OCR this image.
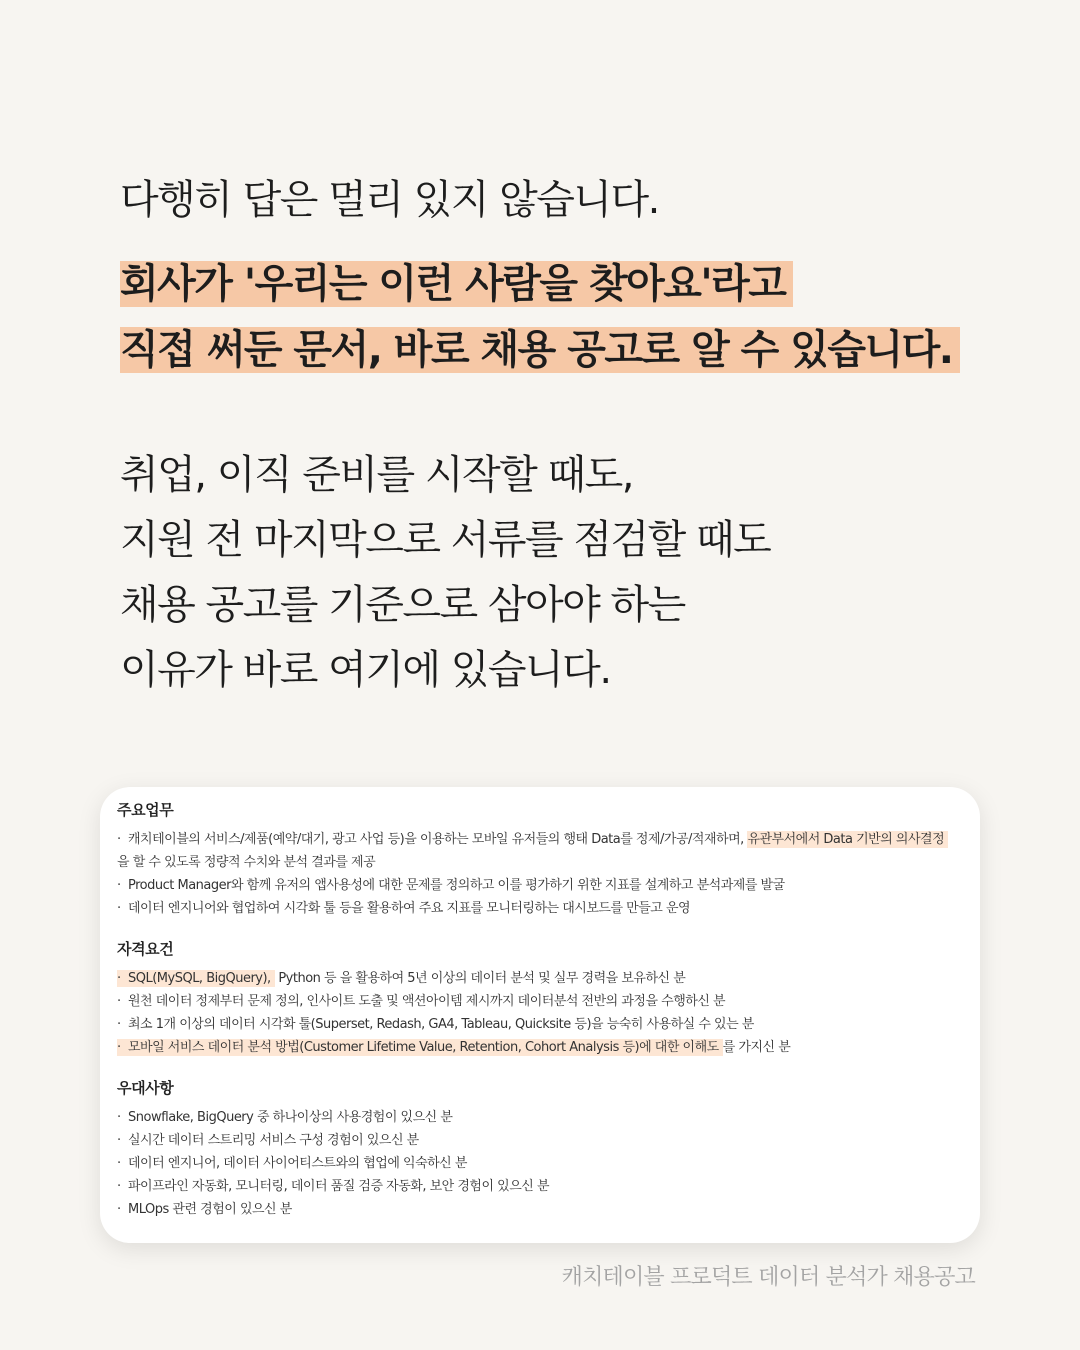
다행히 답은 멀리 있지 않습니다.

회사가 '우리는 이런 사람을 찾아요'라고
직접 써둔 문서, 바로 채용 공고로 알 수 있습니다.
취업, 이직 준비를 시작할 때도,
지원 전 마지막으로 서류를 점검할 때도
채용 공고를 기준으로 삼아야 하는
이유가 바로 여기에 있습니다.
주요업무
· 캐치테이블의 서비스/제품(예약/대기, 광고 사업 등)을 이용하는 모바일 유저들의 행태 Data를 정제/가공/적재하며, 유관부서에서 Data 기반의 의사결정
을 할 수 있도록 정량적 수치와 분석 결과를 제공
· Product Manager와 함께 유저의 앱사용성에 대한 문제를 정의하고 이를 평가하기 위한 지표를 설계하고 분석과제를 발굴
· 데이터 엔지니어와 협업하여 시각화 툴 등을 활용하여 주요 지표를 모니터링하는 대시보드를 만들고 운영
자격요건
· SQL(MySQL, BigQuery), Python 등 을 활용하여 5년 이상의 데이터 분석 및 실무 경력을 보유하신 분
· 원천 데이터 정제부터 문제 정의, 인사이트 도출 및 액션아이템 제시까지 데이터분석 전반의 과정을 수행하신 분
· 최소 1개 이상의 데이터 시각화 툴(Superset, Redash, GA4, Tableau, Quicksite 등)을 능숙히 사용하실 수 있는 분
· 모바일 서비스 데이터 분석 방법(Customer Lifetime Value, Retention, Cohort Analysis 등)에 대한 이해도 를 가지신 분
우대사항
· Snowflake, BigQuery 중 하나이상의 사용경험이 있으신 분
· 실시간 데이터 스트리밍 서비스 구성 경험이 있으신 분
· 데이터 엔지니어, 데이터 사이어티스트와의 협업에 익숙하신 분
· 파이프라인 자동화, 모니터링, 데이터 품질 검증 자동화, 보안 경험이 있으신 분
· MLOps 관련 경험이 있으신 분
캐치테이블 프로덕트 데이터 분석가 채용공고
